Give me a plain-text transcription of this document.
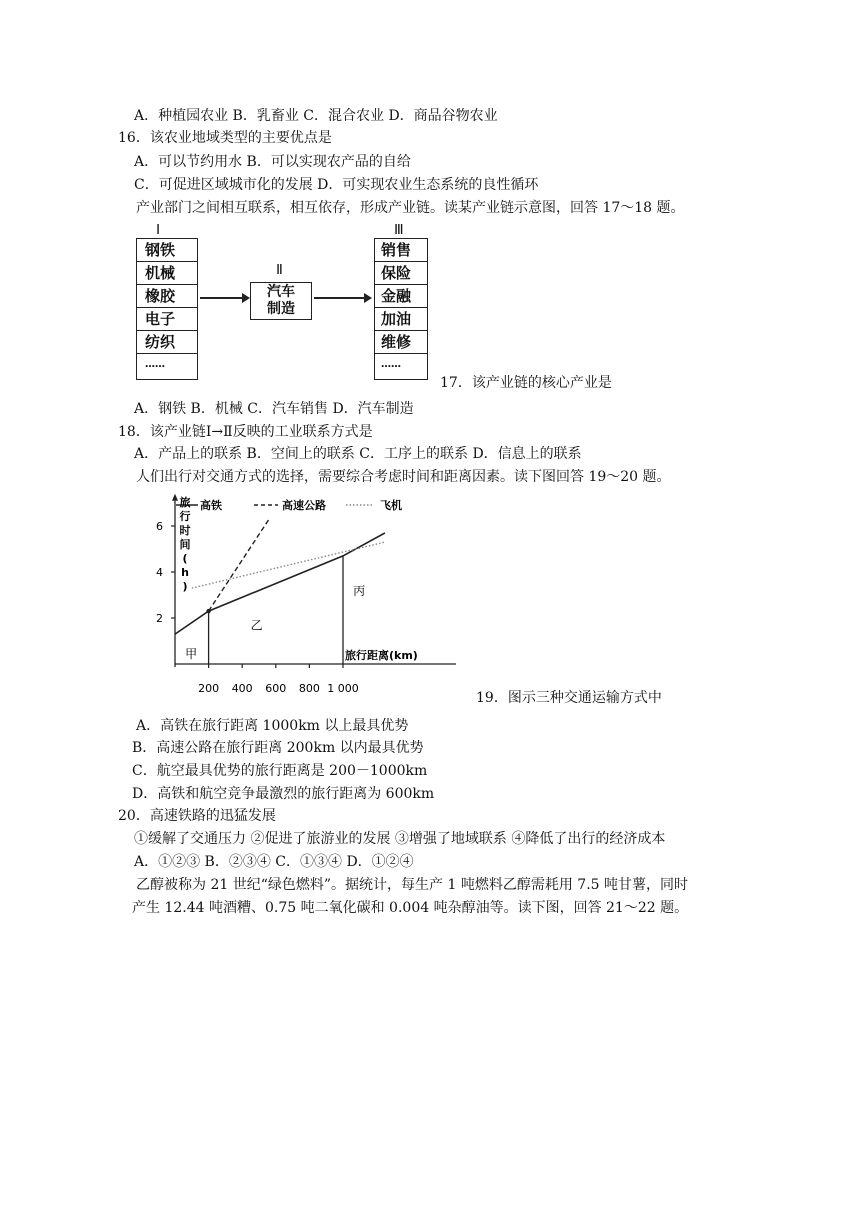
A．种植园农业 B．乳畜业 C．混合农业 D．商品谷物农业
16．该农业地域类型的主要优点是
A．可以节约用水 B．可以实现农产品的自给
C．可促进区域城市化的发展 D．可实现农业生态系统的良性循环
产业部门之间相互联系，相互依存，形成产业链。读某产业链示意图，回答 17～18 题。
Ⅰ
Ⅱ
Ⅲ
钢铁
机械
橡胶
电子
纺织
……
汽车
制造
销售
保险
金融
加油
维修
……
17．该产业链的核心产业是
A．钢铁 B．机械 C．汽车销售 D．汽车制造
18．该产业链Ⅰ→Ⅱ反映的工业联系方式是
A．产品上的联系 B．空间上的联系 C．工序上的联系 D．信息上的联系
人们出行对交通方式的选择，需要综合考虑时间和距离因素。读下图回答 19～20 题。
高铁	高速公路	飞机
2
4
6
旅行时间( h )
200 400 600 800 1 000
旅行距离(km)
甲
乙
丙
19．图示三种交通运输方式中
A．高铁在旅行距离 1000km 以上最具优势
B．高速公路在旅行距离 200km 以内最具优势
C．航空最具优势的旅行距离是 200－1000km
D．高铁和航空竞争最激烈的旅行距离为 600km
20．高速铁路的迅猛发展
①缓解了交通压力 ②促进了旅游业的发展 ③增强了地域联系 ④降低了出行的经济成本
A．①②③ B．②③④ C．①③④ D．①②④
乙醇被称为 21 世纪“绿色燃料”。据统计，每生产 1 吨燃料乙醇需耗用 7.5 吨甘薯，同时
产生 12.44 吨酒糟、0.75 吨二氧化碳和 0.004 吨杂醇油等。读下图，回答 21～22 题。
